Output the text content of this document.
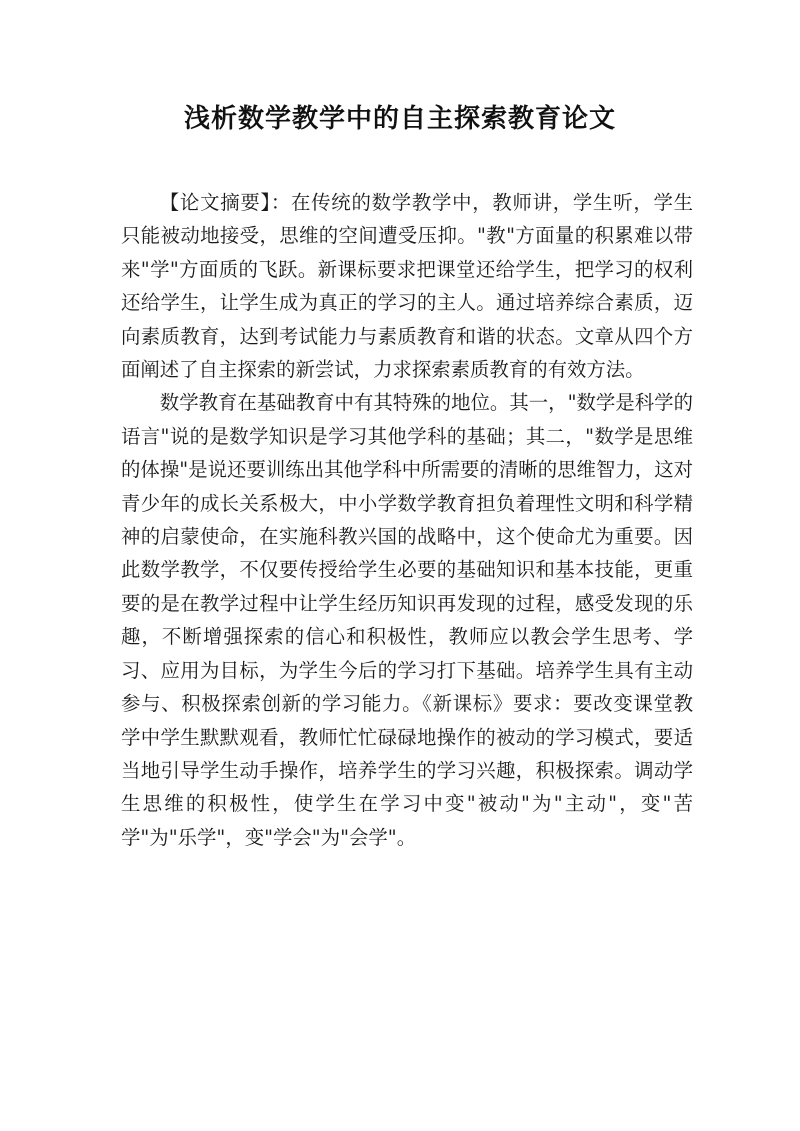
浅析数学教学中的自主探索教育论文

【论文摘要】：在传统的数学教学中，教师讲，学生听，学生只能被动地接受，思维的空间遭受压抑。"教"方面量的积累难以带来"学"方面质的飞跃。新课标要求把课堂还给学生，把学习的权利还给学生，让学生成为真正的学习的主人。通过培养综合素质，迈向素质教育，达到考试能力与素质教育和谐的状态。文章从四个方面阐述了自主探索的新尝试，力求探索素质教育的有效方法。

数学教育在基础教育中有其特殊的地位。其一，"数学是科学的语言"说的是数学知识是学习其他学科的基础；其二，"数学是思维的体操"是说还要训练出其他学科中所需要的清晰的思维智力，这对青少年的成长关系极大，中小学数学教育担负着理性文明和科学精神的启蒙使命，在实施科教兴国的战略中，这个使命尤为重要。因此数学教学，不仅要传授给学生必要的基础知识和基本技能，更重要的是在教学过程中让学生经历知识再发现的过程，感受发现的乐趣，不断增强探索的信心和积极性，教师应以教会学生思考、学习、应用为目标，为学生今后的学习打下基础。培养学生具有主动参与、积极探索创新的学习能力。《新课标》要求：要改变课堂教学中学生默默观看，教师忙忙碌碌地操作的被动的学习模式，要适当地引导学生动手操作，培养学生的学习兴趣，积极探索。调动学生思维的积极性，使学生在学习中变"被动"为"主动"，变"苦学"为"乐学"，变"学会"为"会学"。
